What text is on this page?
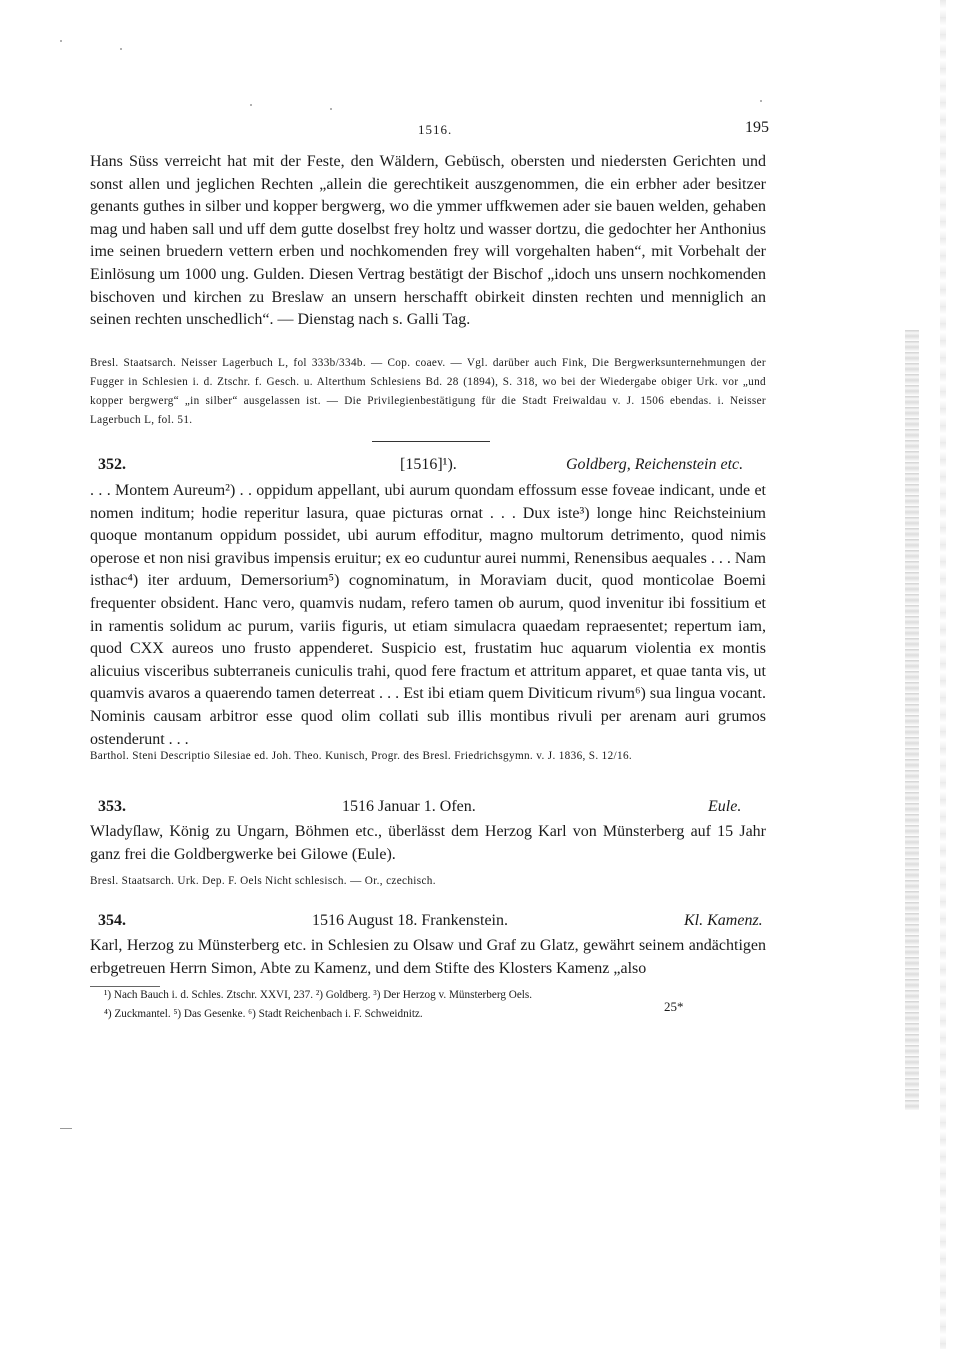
1516.	195

Hans Süss verreicht hat mit der Feste, den Wäldern, Gebüsch, obersten und niedersten Gerichten und sonst allen und jeglichen Rechten „allein die gerechtikeit auszgenommen, die ein erbher ader besitzer genants guthes in silber und kopper bergwerg, wo die ymmer uffkwemen ader sie bauen welden, gehaben mag und haben sall und uff dem gutte doselbst frey holtz und wasser dortzu, die gedochter her Anthonius ime seinen bruedern vettern erben und nochkomenden frey will vorgehalten haben“, mit Vorbehalt der Einlösung um 1000 ung. Gulden. Diesen Vertrag bestätigt der Bischof „idoch uns unsern nochkomenden bischoven und kirchen zu Breslaw an unsern herschafft obirkeit dinsten rechten und menniglich an seinen rechten unschedlich“. — Dienstag nach s. Galli Tag.

Bresl. Staatsarch. Neisser Lagerbuch L, fol 333b/334b. — Cop. coaev. — Vgl. darüber auch Fink, Die Bergwerksunternehmungen der Fugger in Schlesien i. d. Ztschr. f. Gesch. u. Alterthum Schlesiens Bd. 28 (1894), S. 318, wo bei der Wiedergabe obiger Urk. vor „und kopper bergwerg“ „in silber“ ausgelassen ist. — Die Privilegienbestätigung für die Stadt Freiwaldau v. J. 1506 ebendas. i. Neisser Lagerbuch L, fol. 51.

352.	[1516]¹).	Goldberg, Reichenstein etc.

. . . Montem Aureum²) . . oppidum appellant, ubi aurum quondam effossum esse foveae indicant, unde et nomen inditum; hodie reperitur lasura, quae picturas ornat . . . Dux iste³) longe hinc Reichsteinium quoque montanum oppidum possidet, ubi aurum effoditur, magno multorum detrimento, quod nimis operose et non nisi gravibus impensis eruitur; ex eo cuduntur aurei nummi, Renensibus aequales . . . Nam isthac⁴) iter arduum, Demersorium⁵) cognominatum, in Moraviam ducit, quod monticolae Boemi frequenter obsident. Hanc vero, quamvis nudam, refero tamen ob aurum, quod invenitur ibi fossitium et in ramentis solidum ac purum, variis figuris, ut etiam simulacra quaedam repraesentet; repertum iam, quod CXX aureos uno frusto appenderet. Suspicio est, frustatim huc aquarum violentia ex montis alicuius visceribus subterraneis cuniculis trahi, quod fere fractum et attritum apparet, et quae tanta vis, ut quamvis avaros a quaerendo tamen deterreat . . . Est ibi etiam quem Diviticum rivum⁶) sua lingua vocant. Nominis causam arbitror esse quod olim collati sub illis montibus rivuli per arenam auri grumos ostenderunt . . .

Barthol. Steni Descriptio Silesiae ed. Joh. Theo. Kunisch, Progr. des Bresl. Friedrichsgymn. v. J. 1836, S. 12/16.

353.	1516 Januar 1. Ofen.	Eule.

Wladyſlaw, König zu Ungarn, Böhmen etc., überlässt dem Herzog Karl von Münsterberg auf 15 Jahr ganz frei die Goldbergwerke bei Gilowe (Eule).

Bresl. Staatsarch. Urk. Dep. F. Oels Nicht schlesisch. — Or., czechisch.

354.	1516 August 18. Frankenstein.	Kl. Kamenz.

Karl, Herzog zu Münsterberg etc. in Schlesien zu Olsaw und Graf zu Glatz, gewährt seinem andächtigen erbgetreuen Herrn Simon, Abte zu Kamenz, und dem Stifte des Klosters Kamenz „also

¹) Nach Bauch i. d. Schles. Ztschr. XXVI, 237. ²) Goldberg. ³) Der Herzog v. Münsterberg Oels.
⁴) Zuckmantel. ⁵) Das Gesenke. ⁶) Stadt Reichenbach i. F. Schweidnitz.	25*
